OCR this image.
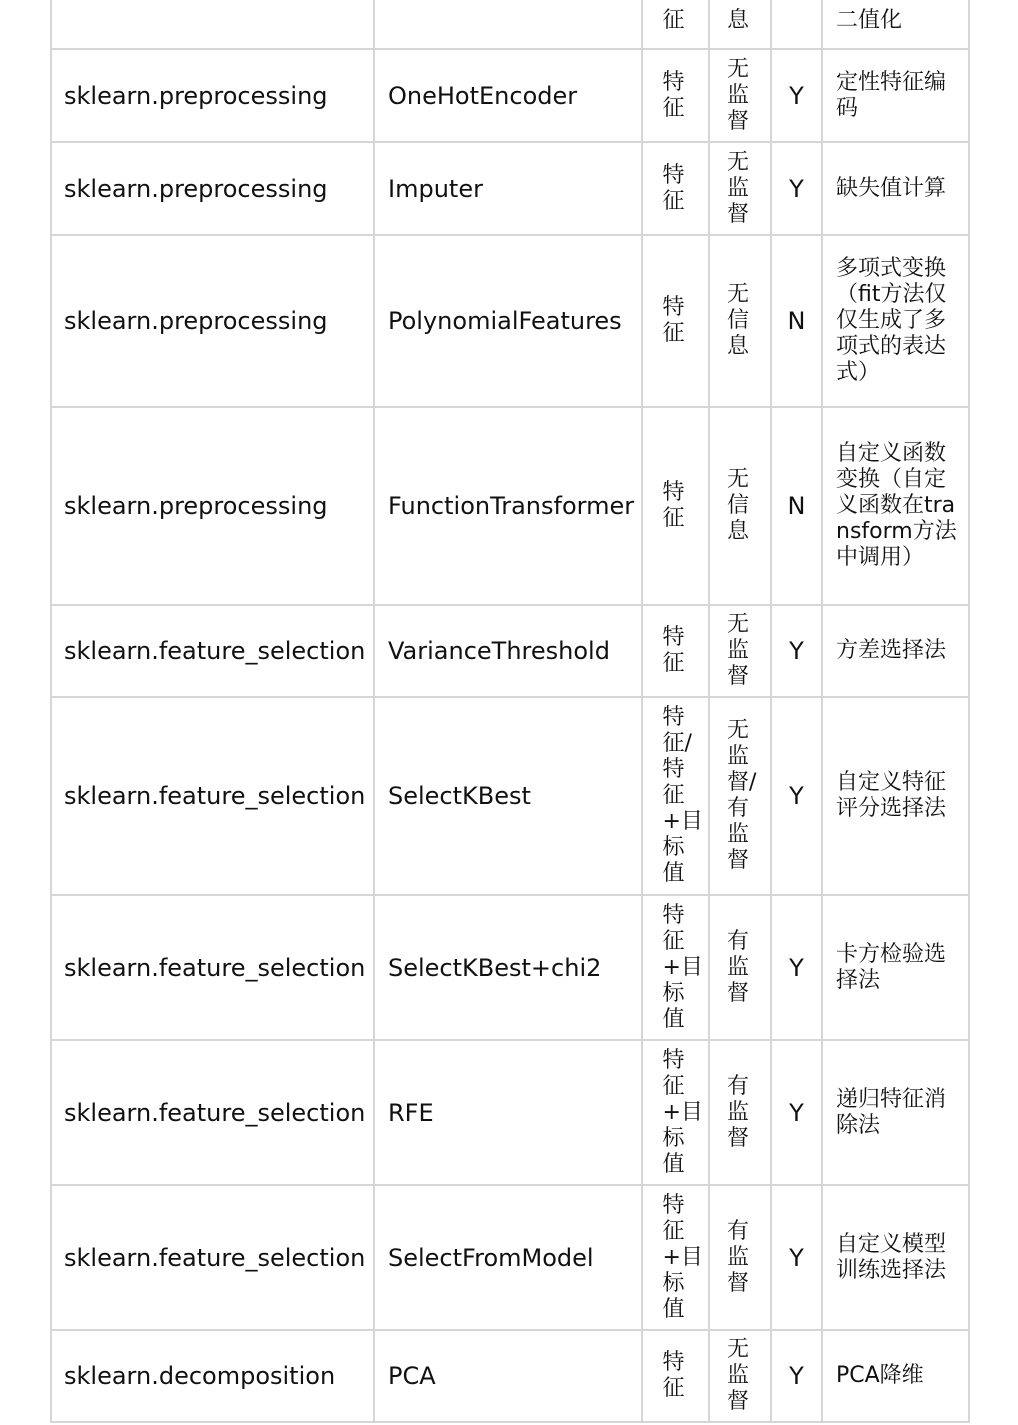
		征	息		二值化
sklearn.preprocessing	OneHotEncoder	特征	无监督	Y	定性特征编码
sklearn.preprocessing	Imputer	特征	无监督	Y	缺失值计算
sklearn.preprocessing	PolynomialFeatures	特征	无信息	N	多项式变换（fit方法仅仅生成了多项式的表达式）
sklearn.preprocessing	FunctionTransformer	特征	无信息	N	自定义函数变换（自定义函数在transform方法中调用）
sklearn.feature_selection	VarianceThreshold	特征	无监督	Y	方差选择法
sklearn.feature_selection	SelectKBest	特征/特征+目标值	无监督/有监督	Y	自定义特征评分选择法
sklearn.feature_selection	SelectKBest+chi2	特征+目标值	有监督	Y	卡方检验选择法
sklearn.feature_selection	RFE	特征+目标值	有监督	Y	递归特征消除法
sklearn.feature_selection	SelectFromModel	特征+目标值	有监督	Y	自定义模型训练选择法
sklearn.decomposition	PCA	特征	无监督	Y	PCA降维
